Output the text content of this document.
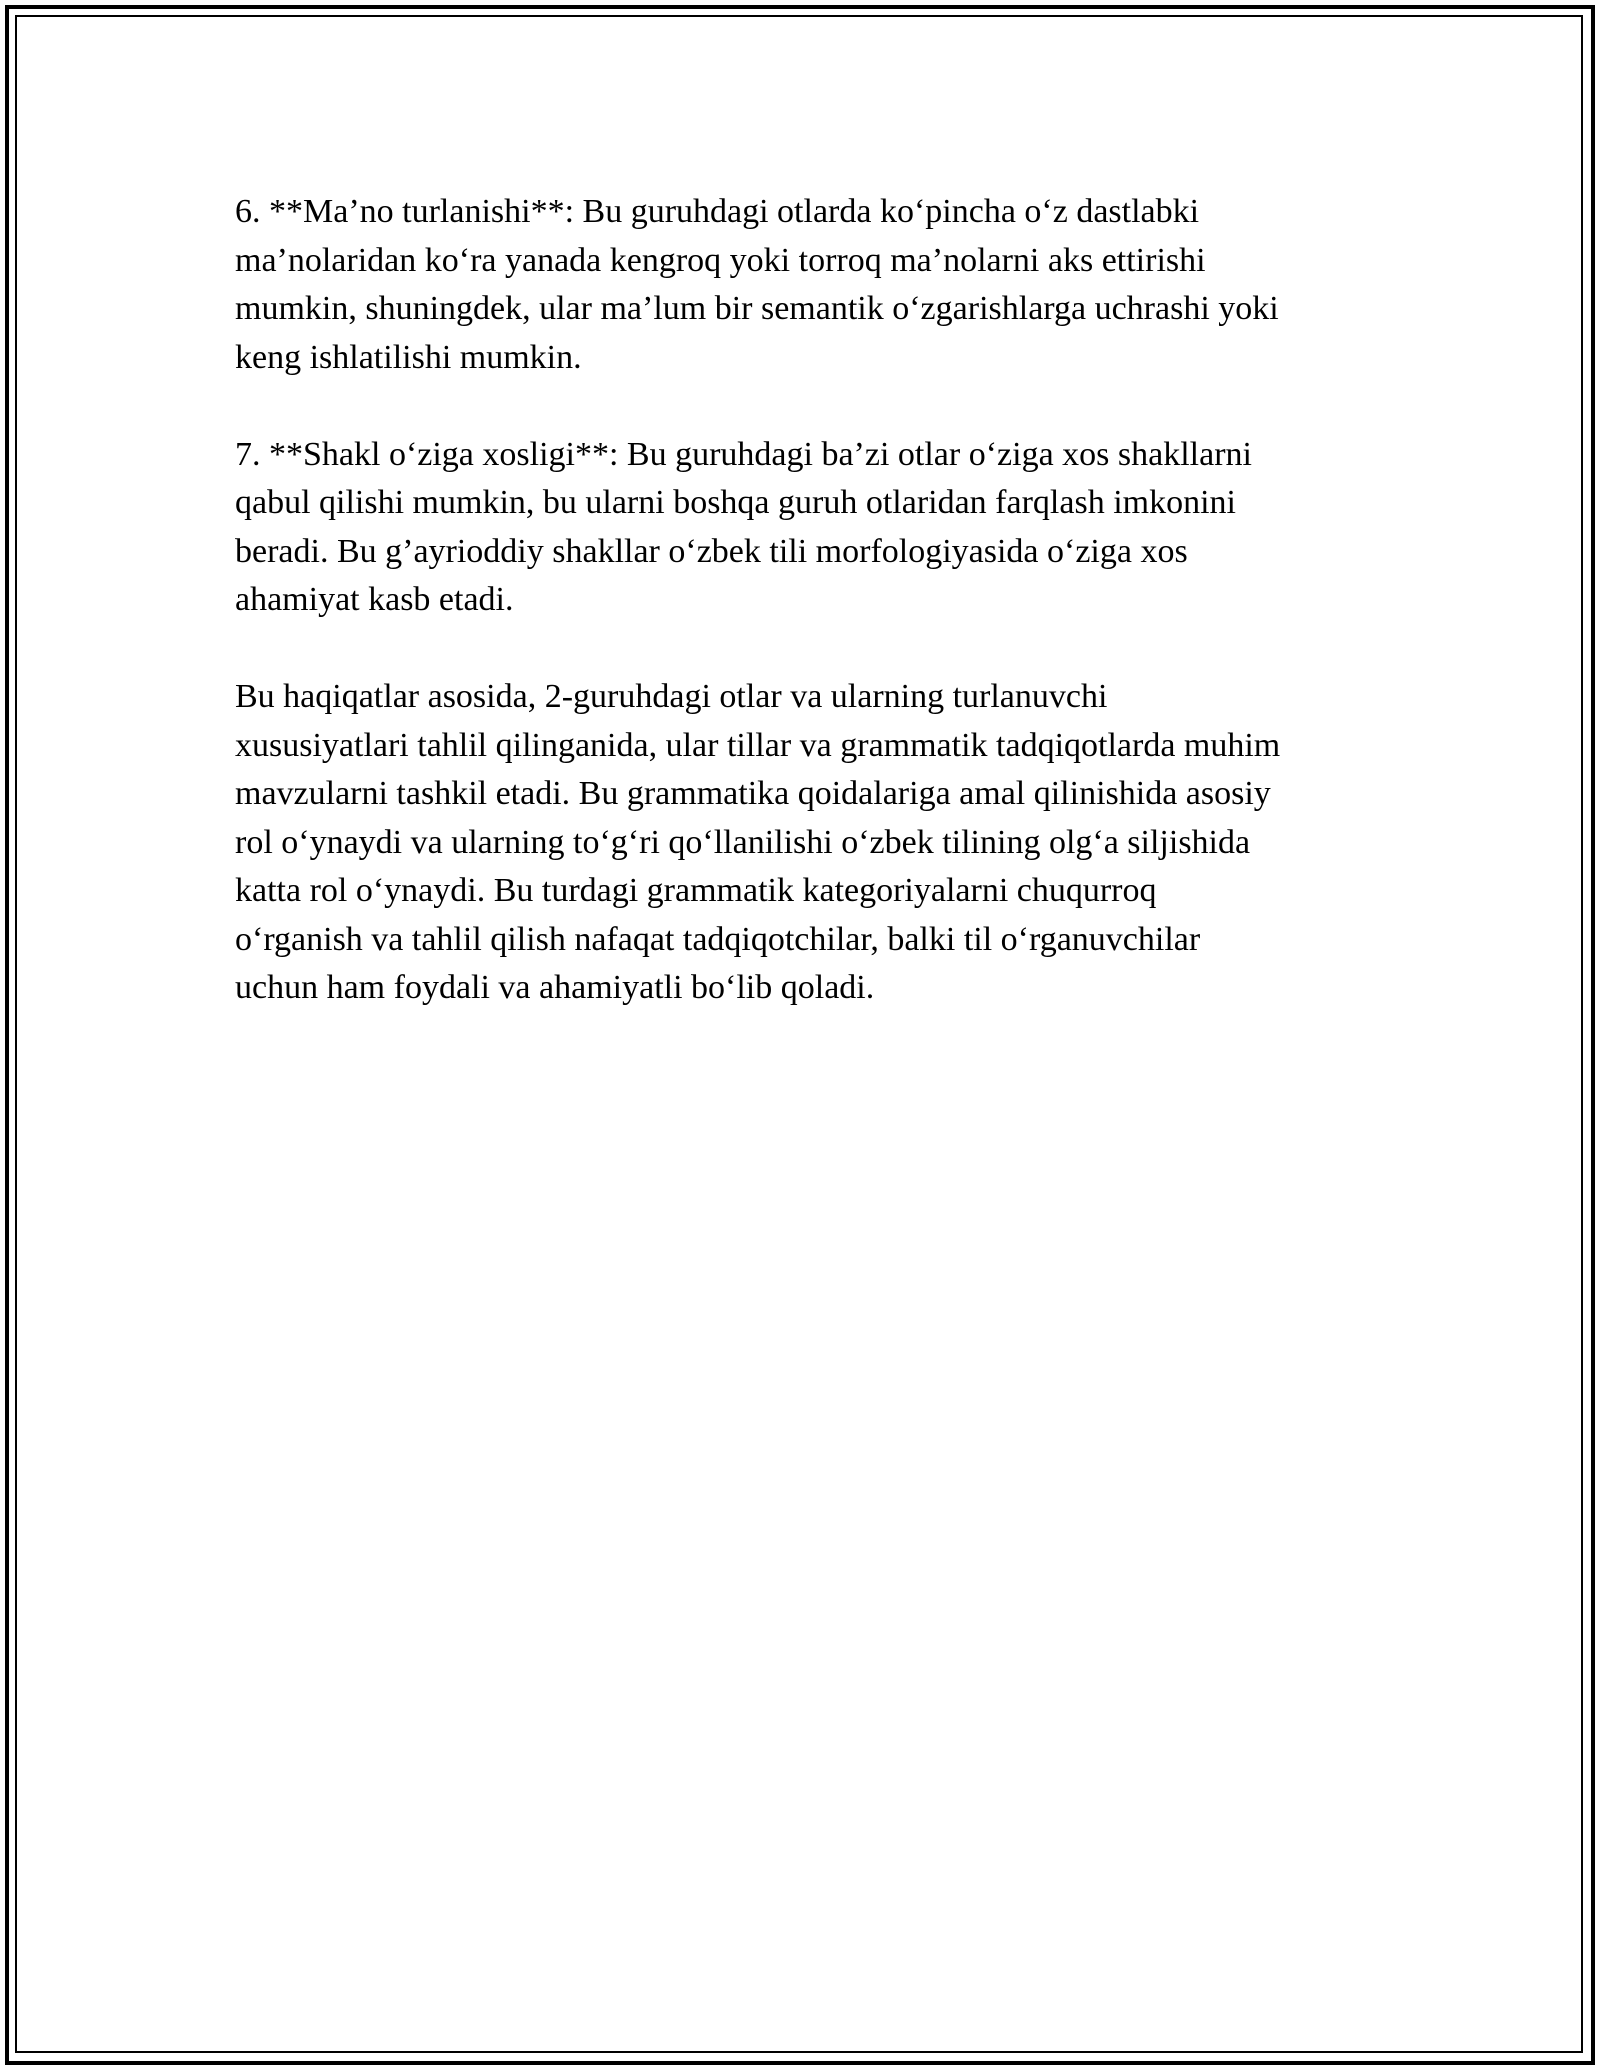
6. **Ma’no turlanishi**: Bu guruhdagi otlarda ko‘pincha o‘z dastlabki
ma’nolaridan ko‘ra yanada kengroq yoki torroq ma’nolarni aks ettirishi
mumkin, shuningdek, ular ma’lum bir semantik o‘zgarishlarga uchrashi yoki
keng ishlatilishi mumkin.

7. **Shakl o‘ziga xosligi**: Bu guruhdagi ba’zi otlar o‘ziga xos shakllarni
qabul qilishi mumkin, bu ularni boshqa guruh otlaridan farqlash imkonini
beradi. Bu g’ayrioddiy shakllar o‘zbek tili morfologiyasida o‘ziga xos
ahamiyat kasb etadi.

Bu haqiqatlar asosida, 2-guruhdagi otlar va ularning turlanuvchi
xususiyatlari tahlil qilinganida, ular tillar va grammatik tadqiqotlarda muhim
mavzularni tashkil etadi. Bu grammatika qoidalariga amal qilinishida asosiy
rol o‘ynaydi va ularning to‘g‘ri qo‘llanilishi o‘zbek tilining olg‘a siljishida
katta rol o‘ynaydi. Bu turdagi grammatik kategoriyalarni chuqurroq
o‘rganish va tahlil qilish nafaqat tadqiqotchilar, balki til o‘rganuvchilar
uchun ham foydali va ahamiyatli bo‘lib qoladi.
